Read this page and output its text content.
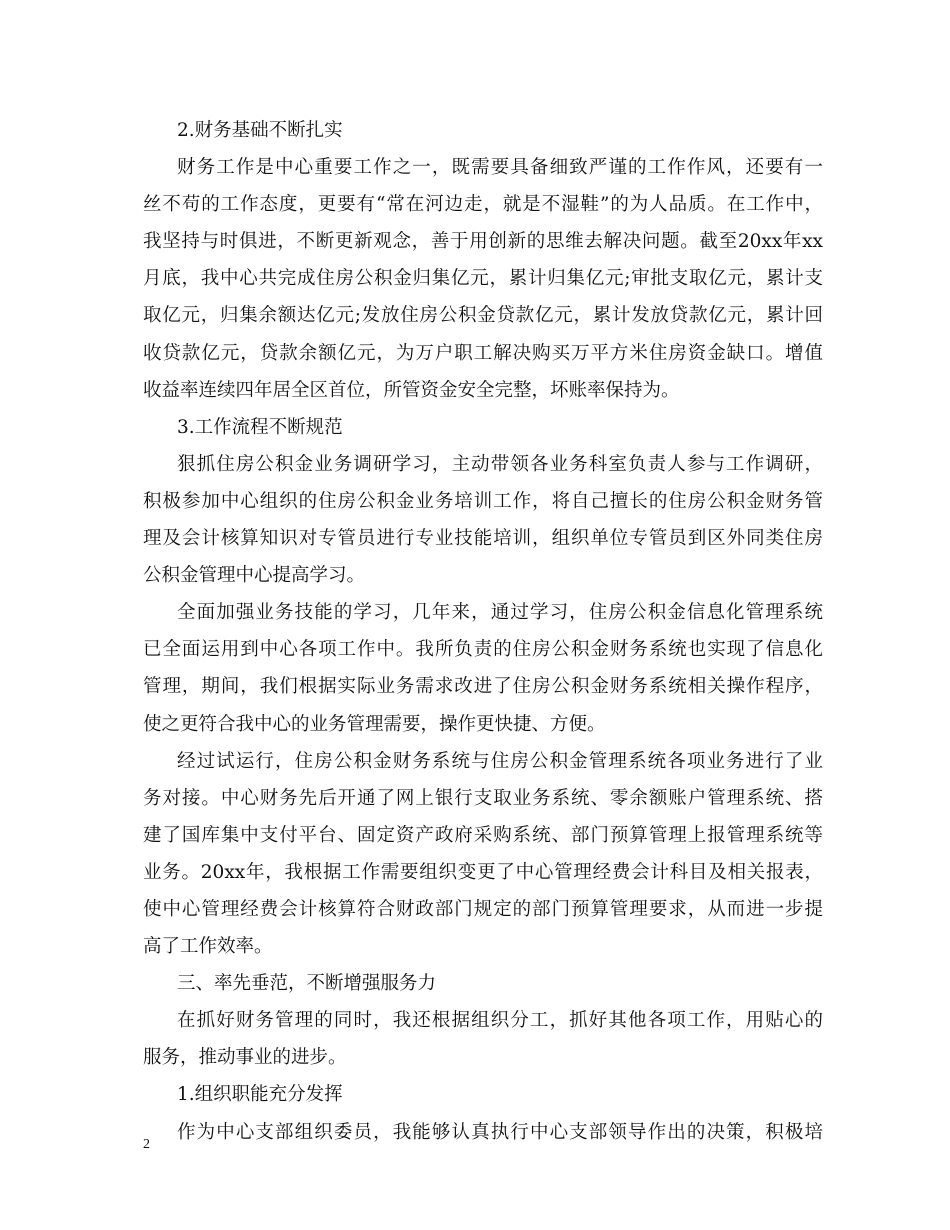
2.财务基础不断扎实
财务工作是中心重要工作之一，既需要具备细致严谨的工作作风，还要有一
丝不苟的工作态度，更要有“常在河边走，就是不湿鞋”的为人品质。在工作中，
我坚持与时俱进，不断更新观念，善于用创新的思维去解决问题。截至20xx年xx
月底，我中心共完成住房公积金归集亿元，累计归集亿元;审批支取亿元，累计支
取亿元，归集余额达亿元;发放住房公积金贷款亿元，累计发放贷款亿元，累计回
收贷款亿元，贷款余额亿元，为万户职工解决购买万平方米住房资金缺口。增值
收益率连续四年居全区首位，所管资金安全完整，坏账率保持为。
3.工作流程不断规范
狠抓住房公积金业务调研学习，主动带领各业务科室负责人参与工作调研，
积极参加中心组织的住房公积金业务培训工作，将自己擅长的住房公积金财务管
理及会计核算知识对专管员进行专业技能培训，组织单位专管员到区外同类住房
公积金管理中心提高学习。
全面加强业务技能的学习，几年来，通过学习，住房公积金信息化管理系统
已全面运用到中心各项工作中。我所负责的住房公积金财务系统也实现了信息化
管理，期间，我们根据实际业务需求改进了住房公积金财务系统相关操作程序，
使之更符合我中心的业务管理需要，操作更快捷、方便。
经过试运行，住房公积金财务系统与住房公积金管理系统各项业务进行了业
务对接。中心财务先后开通了网上银行支取业务系统、零余额账户管理系统、搭
建了国库集中支付平台、固定资产政府采购系统、部门预算管理上报管理系统等
业务。20xx年，我根据工作需要组织变更了中心管理经费会计科目及相关报表，
使中心管理经费会计核算符合财政部门规定的部门预算管理要求，从而进一步提
高了工作效率。
三、率先垂范，不断增强服务力
在抓好财务管理的同时，我还根据组织分工，抓好其他各项工作，用贴心的
服务，推动事业的进步。
1.组织职能充分发挥
作为中心支部组织委员，我能够认真执行中心支部领导作出的决策，积极培
2
